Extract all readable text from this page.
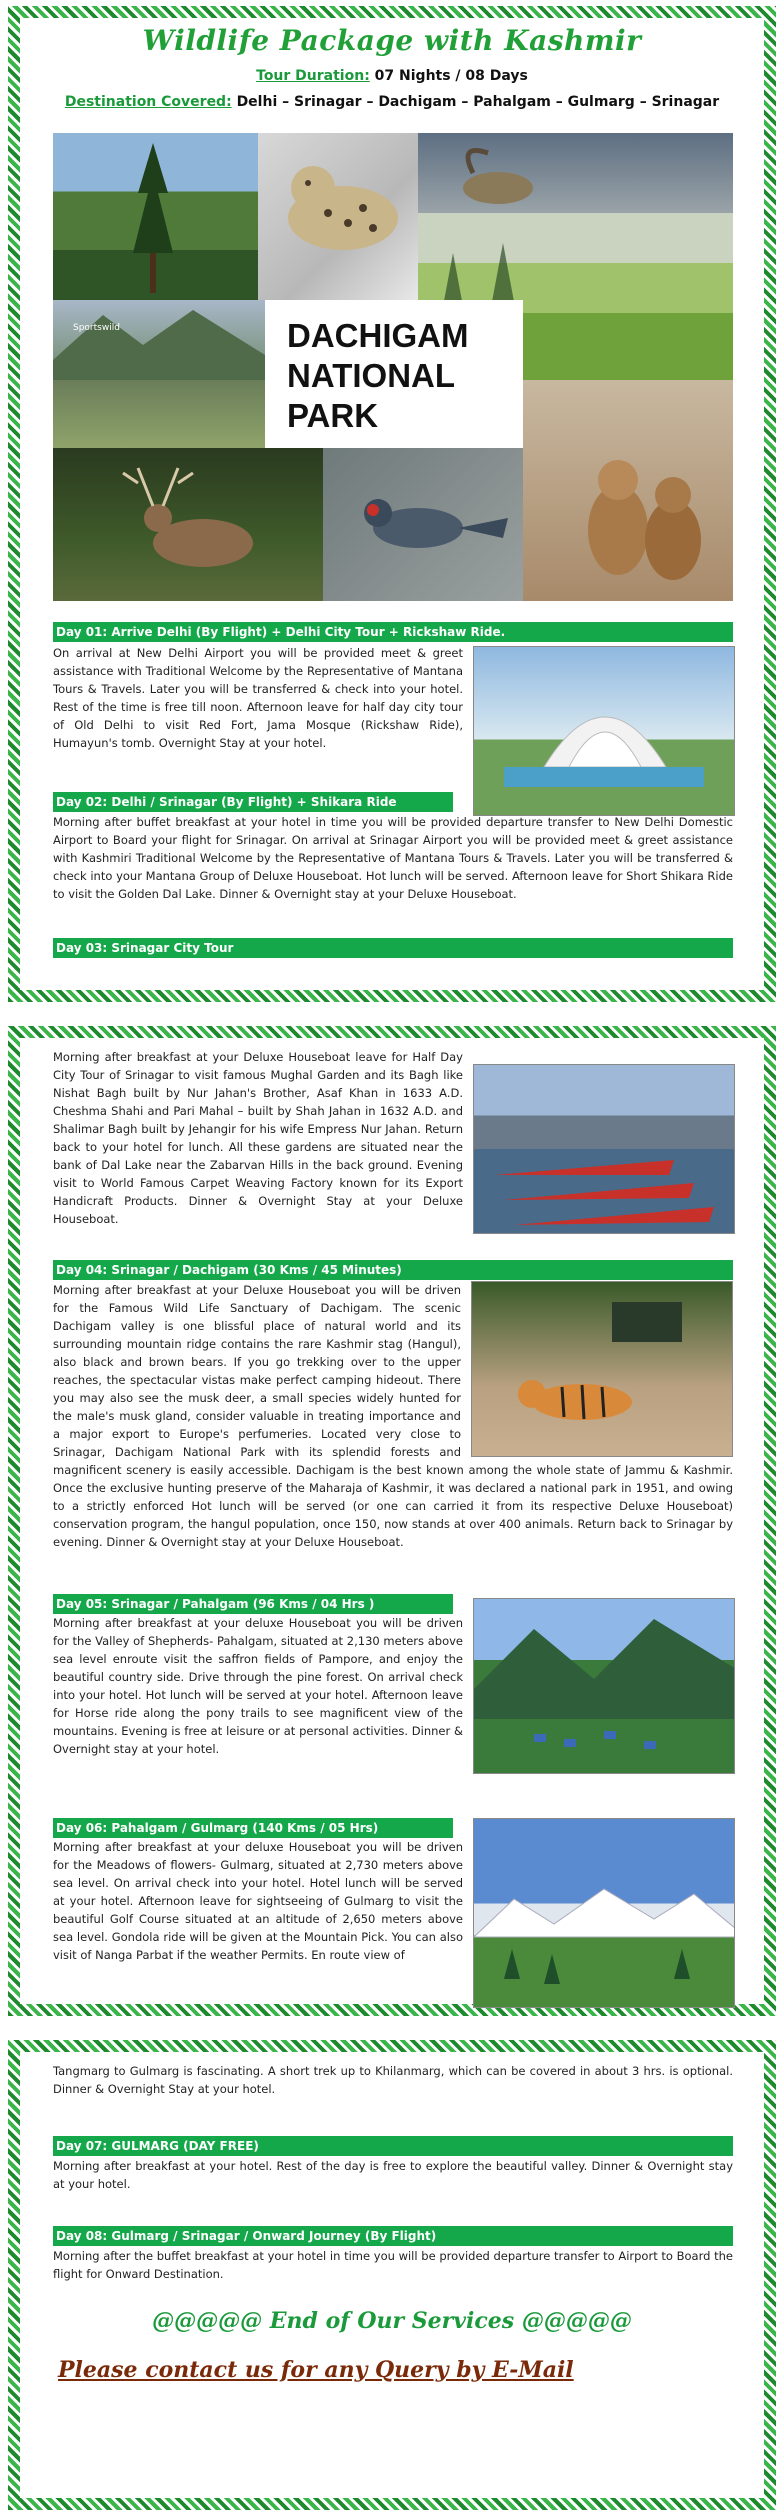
Wildlife Package with Kashmir
Tour Duration: 07 Nights / 08 Days
Destination Covered: Delhi – Srinagar – Dachigam – Pahalgam – Gulmarg – Srinagar
Sportswild	DACHIGAM
NATIONAL
PARK
Day 01: Arrive Delhi (By Flight) + Delhi City Tour + Rickshaw Ride.
On arrival at New Delhi Airport you will be provided meet & greet assistance with Traditional Welcome by the Representative of Mantana Tours & Travels. Later you will be transferred & check into your hotel. Rest of the time is free till noon. Afternoon leave for half day city tour of Old Delhi to visit Red Fort, Jama Mosque (Rickshaw Ride), Humayun's tomb. Overnight Stay at your hotel.
Day 02: Delhi / Srinagar (By Flight) + Shikara Ride
Morning after buffet breakfast at your hotel in time you will be provided departure transfer to New Delhi Domestic Airport to Board your flight for Srinagar. On arrival at Srinagar Airport you will be provided meet & greet assistance with Kashmiri Traditional Welcome by the Representative of Mantana Tours & Travels. Later you will be transferred & check into your Mantana Group of Deluxe Houseboat. Hot lunch will be served. Afternoon leave for Short Shikara Ride to visit the Golden Dal Lake. Dinner & Overnight stay at your Deluxe Houseboat.
Day 03: Srinagar City Tour
Morning after breakfast at your Deluxe Houseboat leave for Half Day City Tour of Srinagar to visit famous Mughal Garden and its Bagh like Nishat Bagh built by Nur Jahan's Brother, Asaf Khan in 1633 A.D. Cheshma Shahi and Pari Mahal – built by Shah Jahan in 1632 A.D. and Shalimar Bagh built by Jehangir for his wife Empress Nur Jahan. Return back to your hotel for lunch. All these gardens are situated near the bank of Dal Lake near the Zabarvan Hills in the back ground. Evening visit to World Famous Carpet Weaving Factory known for its Export Handicraft Products. Dinner & Overnight Stay at your Deluxe Houseboat.
Day 04: Srinagar / Dachigam (30 Kms / 45 Minutes)
Morning after breakfast at your Deluxe Houseboat you will be driven for the Famous Wild Life Sanctuary of Dachigam. The scenic Dachigam valley is one blissful place of natural world and its surrounding mountain ridge contains the rare Kashmir stag (Hangul), also black and brown bears. If you go trekking over to the upper reaches, the spectacular vistas make perfect camping hideout. There you may also see the musk deer, a small species widely hunted for the male's musk gland, consider valuable in treating importance and a major export to Europe's perfumeries. Located very close to Srinagar, Dachigam National Park with its splendid forests and magnificent scenery is easily accessible. Dachigam is the best known among the whole state of Jammu & Kashmir. Once the exclusive hunting preserve of the Maharaja of Kashmir, it was declared a national park in 1951, and owing to a strictly enforced Hot lunch will be served (or one can carried it from its respective Deluxe Houseboat) conservation program, the hangul population, once 150, now stands at over 400 animals. Return back to Srinagar by evening. Dinner & Overnight stay at your Deluxe Houseboat.
Day 05: Srinagar / Pahalgam (96 Kms / 04 Hrs )
Morning after breakfast at your deluxe Houseboat you will be driven for the Valley of Shepherds- Pahalgam, situated at 2,130 meters above sea level enroute visit the saffron fields of Pampore, and enjoy the beautiful country side. Drive through the pine forest. On arrival check into your hotel. Hot lunch will be served at your hotel. Afternoon leave for Horse ride along the pony trails to see magnificent view of the mountains. Evening is free at leisure or at personal activities. Dinner & Overnight stay at your hotel.
Day 06: Pahalgam / Gulmarg (140 Kms / 05 Hrs)
Morning after breakfast at your deluxe Houseboat you will be driven for the Meadows of flowers- Gulmarg, situated at 2,730 meters above sea level. On arrival check into your hotel. Hotel lunch will be served at your hotel. Afternoon leave for sightseeing of Gulmarg to visit the beautiful Golf Course situated at an altitude of 2,650 meters above sea level. Gondola ride will be given at the Mountain Pick. You can also visit of Nanga Parbat if the weather Permits. En route view of
Tangmarg to Gulmarg is fascinating. A short trek up to Khilanmarg, which can be covered in about 3 hrs. is optional. Dinner & Overnight Stay at your hotel.
Day 07: GULMARG (DAY FREE)
Morning after breakfast at your hotel. Rest of the day is free to explore the beautiful valley. Dinner & Overnight stay at your hotel.
Day 08: Gulmarg / Srinagar / Onward Journey (By Flight)
Morning after the buffet breakfast at your hotel in time you will be provided departure transfer to Airport to Board the flight for Onward Destination.
@@@@@ End of Our Services @@@@@
Please contact us for any Query by E-Mail
